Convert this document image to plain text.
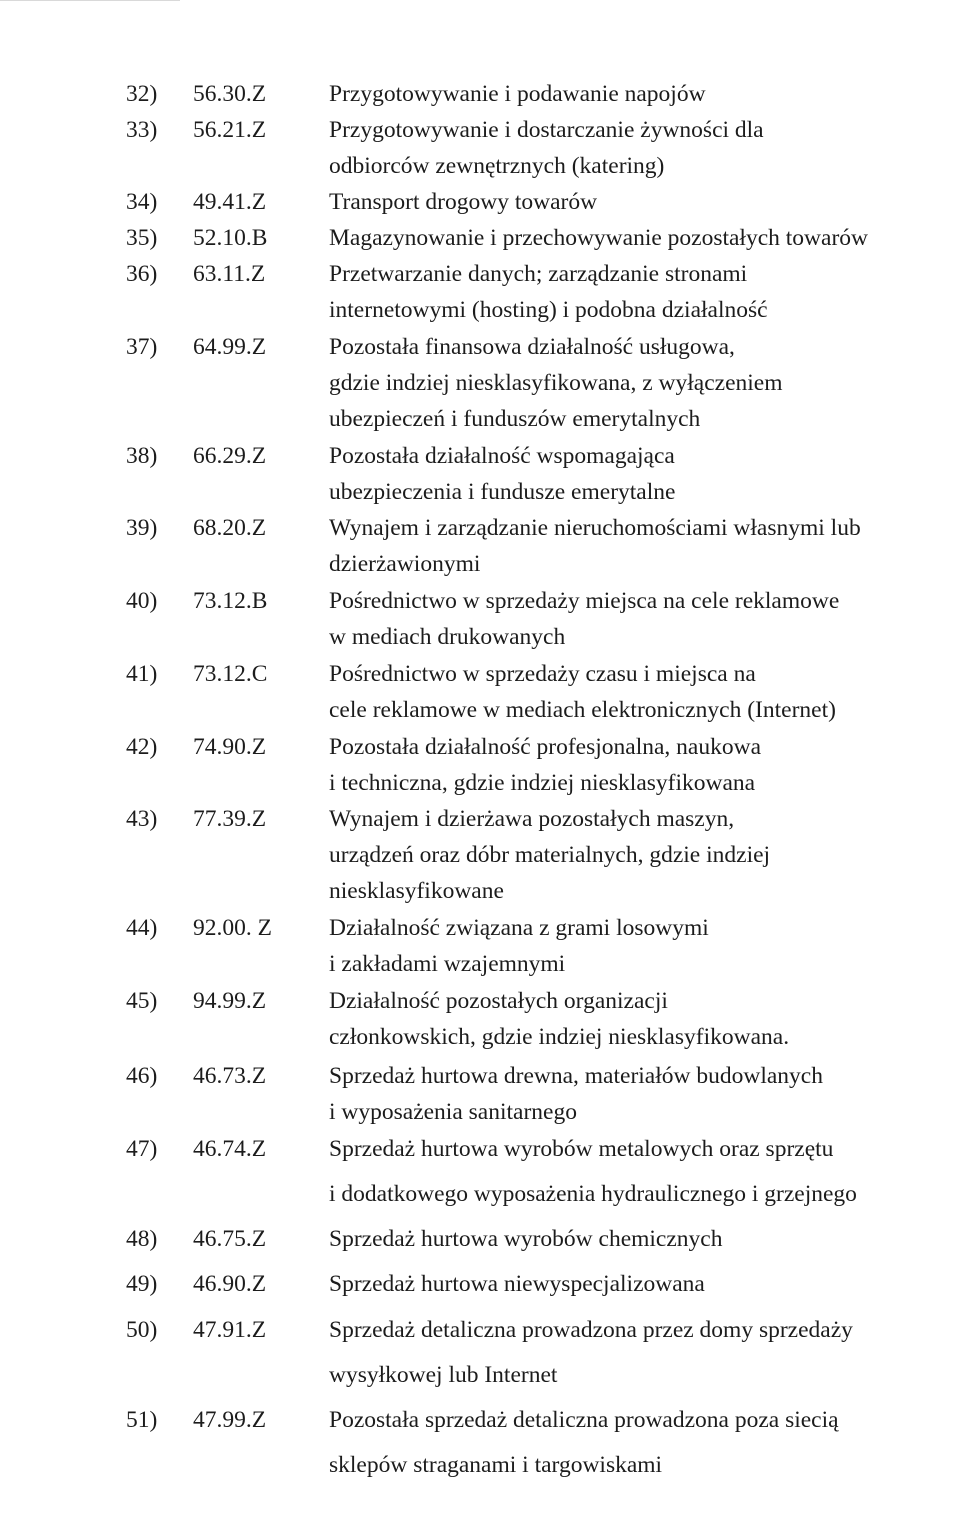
32) 56.30.Z	Przygotowywanie i podawanie napojów
33) 56.21.Z	Przygotowywanie i dostarczanie żywności dla
odbiorców zewnętrznych (katering)
34) 49.41.Z	Transport drogowy towarów
35) 52.10.B	Magazynowanie i przechowywanie pozostałych towarów
36) 63.11.Z	Przetwarzanie danych; zarządzanie stronami
internetowymi (hosting) i podobna działalność
37) 64.99.Z	Pozostała finansowa działalność usługowa,
gdzie indziej niesklasyfikowana, z wyłączeniem
ubezpieczeń i funduszów emerytalnych
38) 66.29.Z	Pozostała działalność wspomagająca
ubezpieczenia i fundusze emerytalne
39) 68.20.Z	Wynajem i zarządzanie nieruchomościami własnymi lub
dzierżawionymi
40) 73.12.B	Pośrednictwo w sprzedaży miejsca na cele reklamowe
w mediach drukowanych
41) 73.12.C	Pośrednictwo w sprzedaży czasu i miejsca na
cele reklamowe w mediach elektronicznych (Internet)
42) 74.90.Z	Pozostała działalność profesjonalna, naukowa
i techniczna, gdzie indziej niesklasyfikowana
43) 77.39.Z	Wynajem i dzierżawa pozostałych maszyn,
urządzeń oraz dóbr materialnych, gdzie indziej
niesklasyfikowane
44) 92.00. Z Działalność związana z grami losowymi
i zakładami wzajemnymi
45) 94.99.Z	Działalność pozostałych organizacji
członkowskich, gdzie indziej niesklasyfikowana.
46) 46.73.Z	Sprzedaż hurtowa drewna, materiałów budowlanych
i wyposażenia sanitarnego
47) 46.74.Z	Sprzedaż hurtowa wyrobów metalowych oraz sprzętu
i dodatkowego wyposażenia hydraulicznego i grzejnego
48) 46.75.Z	Sprzedaż hurtowa wyrobów chemicznych
49) 46.90.Z	Sprzedaż hurtowa niewyspecjalizowana
50) 47.91.Z	Sprzedaż detaliczna prowadzona przez domy sprzedaży
wysyłkowej lub Internet
51) 47.99.Z	Pozostała sprzedaż detaliczna prowadzona poza siecią
sklepów straganami i targowiskami
